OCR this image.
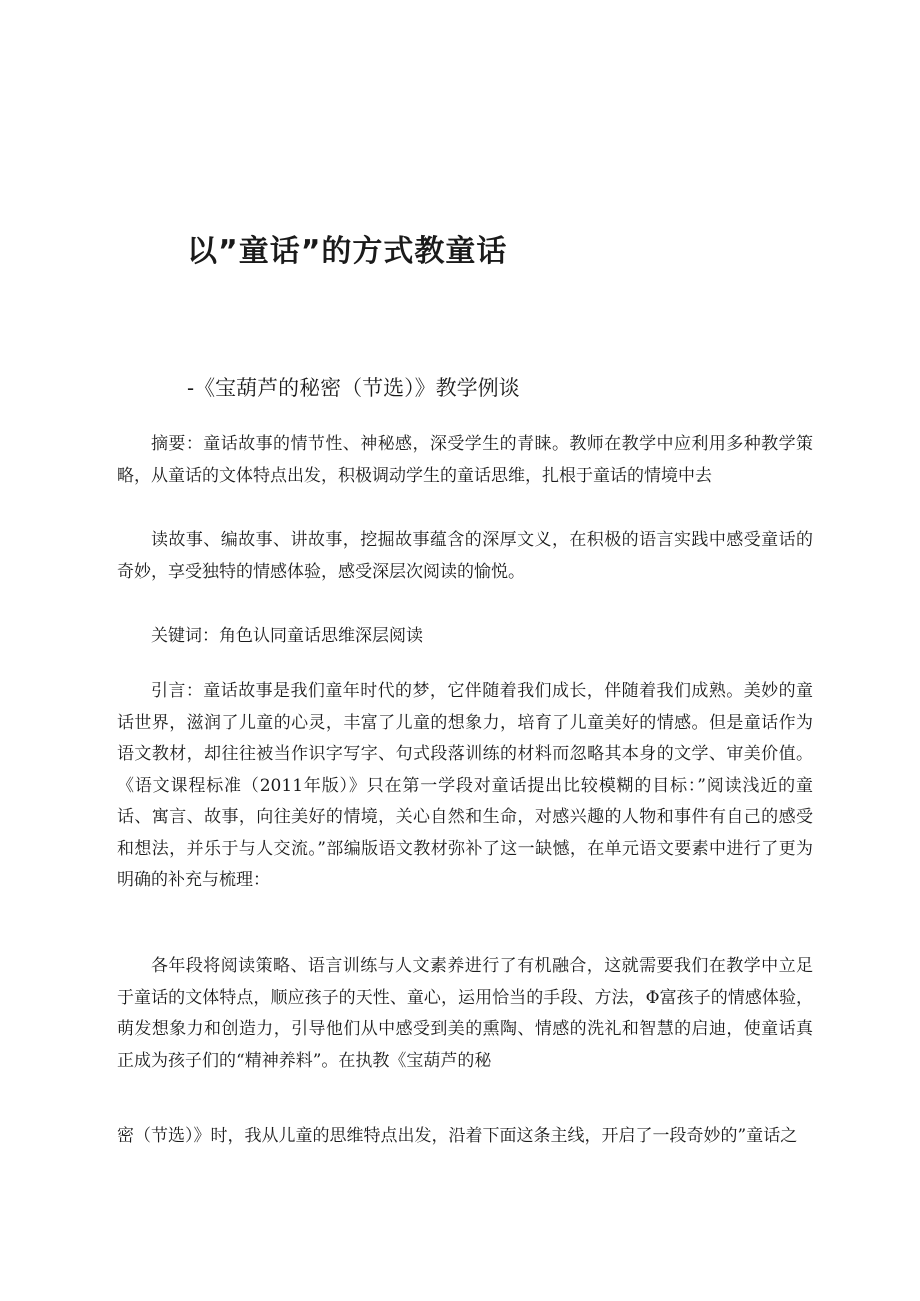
以”童话”的方式教童话
-《宝葫芦的秘密（节选）》教学例谈

摘要：童话故事的情节性、神秘感，深受学生的青睐。教师在教学中应利用多种教学策略，从童话的文体特点出发，积极调动学生的童话思维，扎根于童话的情境中去

读故事、编故事、讲故事，挖掘故事蕴含的深厚文义，在积极的语言实践中感受童话的奇妙，享受独特的情感体验，感受深层次阅读的愉悦。

关键词：角色认同童话思维深层阅读

引言：童话故事是我们童年时代的梦，它伴随着我们成长，伴随着我们成熟。美妙的童话世界，滋润了儿童的心灵，丰富了儿童的想象力，培育了儿童美好的情感。但是童话作为语文教材，却往往被当作识字写字、句式段落训练的材料而忽略其本身的文学、审美价值。《语文课程标准（2011年版）》只在第一学段对童话提出比较模糊的目标：”阅读浅近的童话、寓言、故事，向往美好的情境，关心自然和生命，对感兴趣的人物和事件有自己的感受和想法，并乐于与人交流。”部编版语文教材弥补了这一缺憾，在单元语文要素中进行了更为明确的补充与梳理：

各年段将阅读策略、语言训练与人文素养进行了有机融合，这就需要我们在教学中立足于童话的文体特点，顺应孩子的天性、童心，运用恰当的手段、方法，Φ富孩子的情感体验，萌发想象力和创造力，引导他们从中感受到美的熏陶、情感的洗礼和智慧的启迪，使童话真正成为孩子们的“精神养料”。在执教《宝葫芦的秘

密（节选）》时，我从儿童的思维特点出发，沿着下面这条主线，开启了一段奇妙的”童话之
